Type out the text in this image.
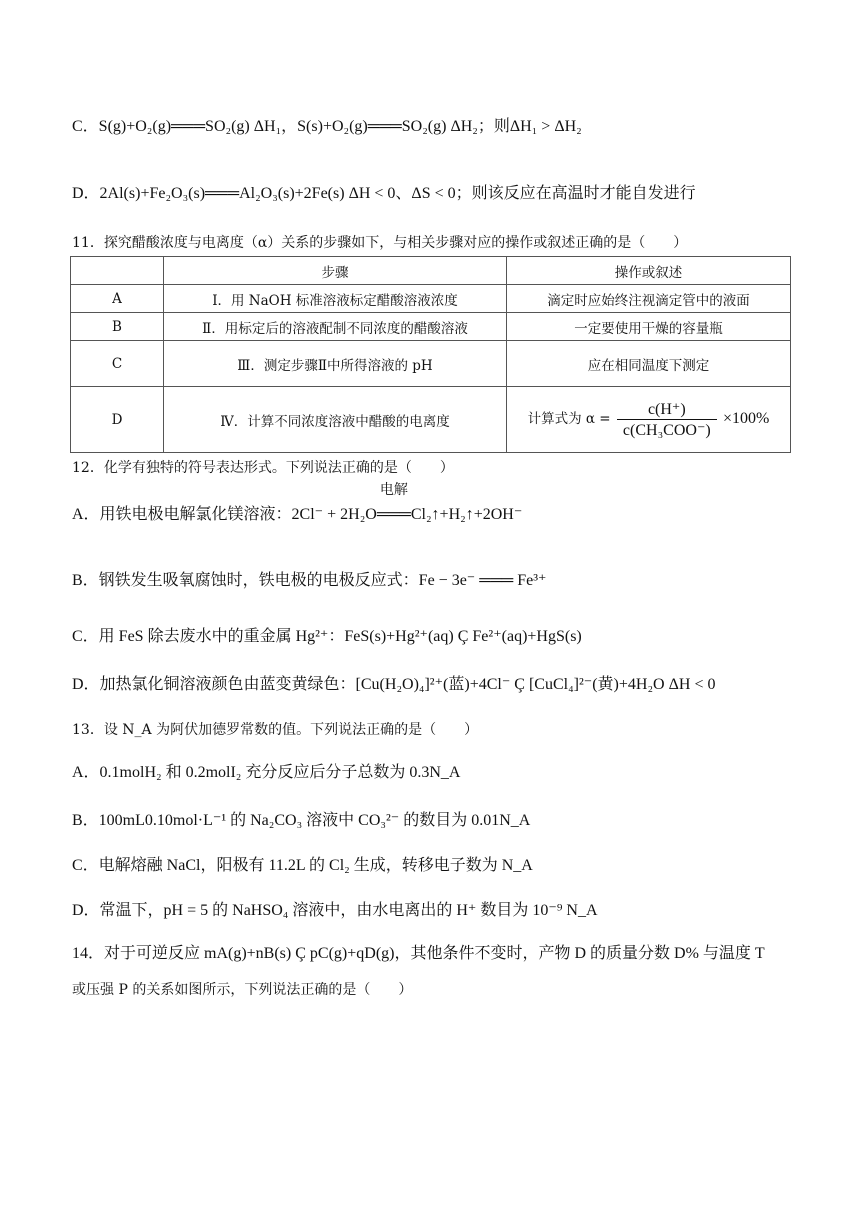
C．S(g)+O₂(g)═══SO₂(g) ΔH₁，S(s)+O₂(g)═══SO₂(g) ΔH₂；则ΔH₁ > ΔH₂
D．2Al(s)+Fe₂O₃(s)═══Al₂O₃(s)+2Fe(s) ΔH < 0、ΔS < 0；则该反应在高温时才能自发进行
11．探究醋酸浓度与电离度（α）关系的步骤如下，与相关步骤对应的操作或叙述正确的是（　　）
	步骤	操作或叙述
A	Ⅰ．用 NaOH 标准溶液标定醋酸溶液浓度	滴定时应始终注视滴定管中的液面
B	Ⅱ．用标定后的溶液配制不同浓度的醋酸溶液	一定要使用干燥的容量瓶
C	Ⅲ．测定步骤Ⅱ中所得溶液的 pH	应在相同温度下测定
D	Ⅳ．计算不同浓度溶液中醋酸的电离度	计算式为 $\alpha = \frac{c(H^+)}{\text{c(CH₃COO⁻)}} \times 100\%$
12．化学有独特的符号表达形式。下列说法正确的是（　　）
A．用铁电极电解氯化镁溶液：2Cl⁻ + 2H₂O
电解
═══Cl₂↑+H₂↑+2OH⁻
B．钢铁发生吸氧腐蚀时，铁电极的电极反应式：Fe − 3e⁻ ═══ Fe³⁺
C．用 FeS 除去废水中的重金属 Hg²⁺：FeS(s)+Hg²⁺(aq) Ç Fe²⁺(aq)+HgS(s)
D．加热氯化铜溶液颜色由蓝变黄绿色：[Cu(H₂O)₄]²⁺(蓝)+4Cl⁻ Ç [CuCl₄]²⁻(黄)+4H₂O ΔH < 0
13．设 N_A 为阿伏加德罗常数的值。下列说法正确的是（　　）
A．0.1molH₂ 和 0.2molI₂ 充分反应后分子总数为 0.3N_A
B．100mL0.10mol·L⁻¹ 的 Na₂CO₃ 溶液中 CO₃²⁻ 的数目为 0.01N_A
C．电解熔融 NaCl，阳极有 11.2L 的 Cl₂ 生成，转移电子数为 N_A
D．常温下，pH = 5 的 NaHSO₄ 溶液中，由水电离出的 H⁺ 数目为 10⁻⁹ N_A
14．对于可逆反应 mA(g)+nB(s) Ç pC(g)+qD(g)，其他条件不变时，产物 D 的质量分数 D% 与温度 T
或压强 P 的关系如图所示，下列说法正确的是（　　）
